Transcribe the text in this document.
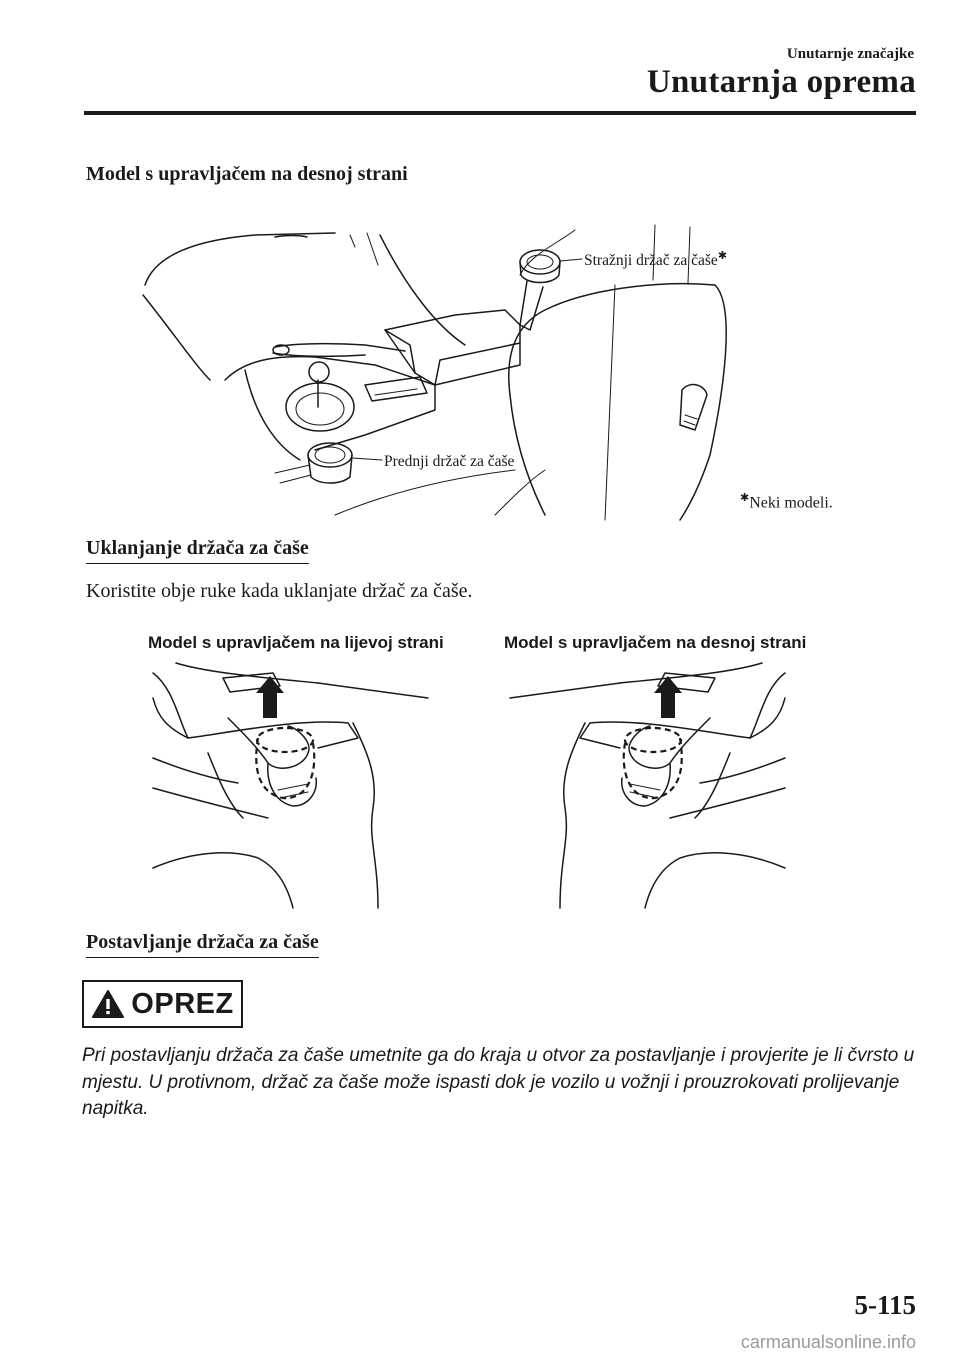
Unutarnje značajke
Unutarnja oprema
Model s upravljačem na desnoj strani
Stražnji držač za čaše✱
Prednji držač za čaše
✱Neki modeli.
Uklanjanje držača za čaše
Koristite obje ruke kada uklanjate držač za čaše.
Model s upravljačem na lijevoj strani	Model s upravljačem na desnoj strani
Postavljanje držača za čaše
OPREZ

Pri postavljanju držača za čaše umetnite ga do kraja u otvor za postavljanje i provjerite je li čvrsto u mjestu. U protivnom, držač za čaše može ispasti dok je vozilo u vožnji i prouzrokovati prolijevanje napitka.

5-115
carmanualsonline.info
